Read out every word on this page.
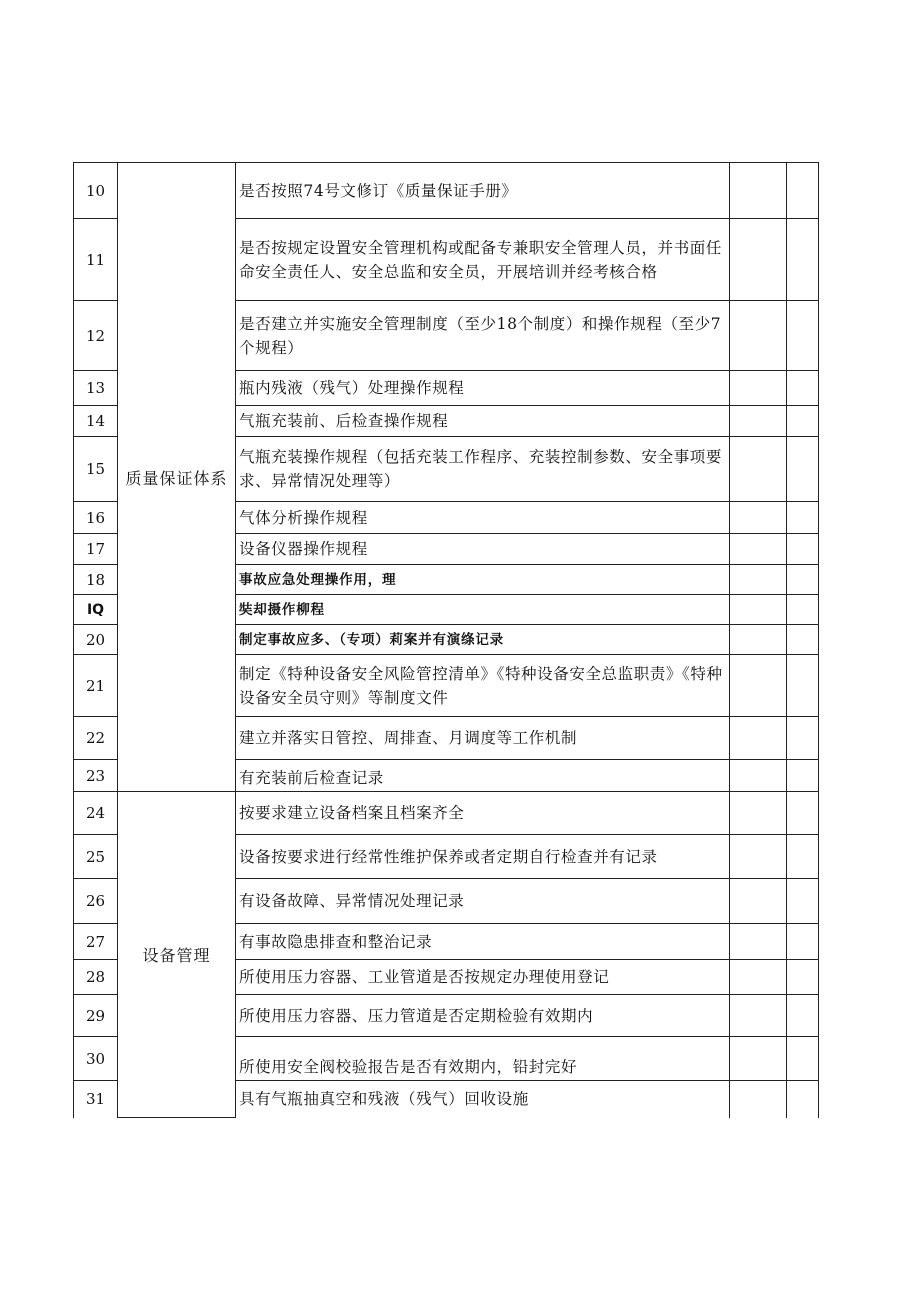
10	质量保证体系	是否按照74号文修订《质量保证手册》		
11		是否按规定设置安全管理机构或配备专兼职安全管理人员，并书面任命安全责任人、安全总监和安全员，开展培训并经考核合格		
12		是否建立并实施安全管理制度（至少18个制度）和操作规程（至少7个规程）		
13		瓶内残液（残气）处理操作规程		
14		气瓶充装前、后检查操作规程		
15		气瓶充装操作规程（包括充装工作程序、充装控制参数、安全事项要求、异常情况处理等）		
16		气体分析操作规程		
17		设备仪器操作规程		
18		事故应急处理操作用，理		
IQ		奘却摄作柳程		
20		制定事故应多、（专项）莉案并有演绦记录		
21		制定《特种设备安全风险管控清单》《特种设备安全总监职责》《特种设备安全员守则》等制度文件		
22		建立并落实日管控、周排查、月调度等工作机制		
23		有充装前后检查记录		
24	设备管理	按要求建立设备档案且档案齐全		
25		设备按要求进行经常性维护保养或者定期自行检查并有记录		
26		有设备故障、异常情况处理记录		
27		有事故隐患排查和整治记录		
28		所使用压力容器、工业管道是否按规定办理使用登记		
29		所使用压力容器、压力管道是否定期检验有效期内		
30		所使用安全阀校验报告是否有效期内，铅封完好		
31		具有气瓶抽真空和残液（残气）回收设施		
